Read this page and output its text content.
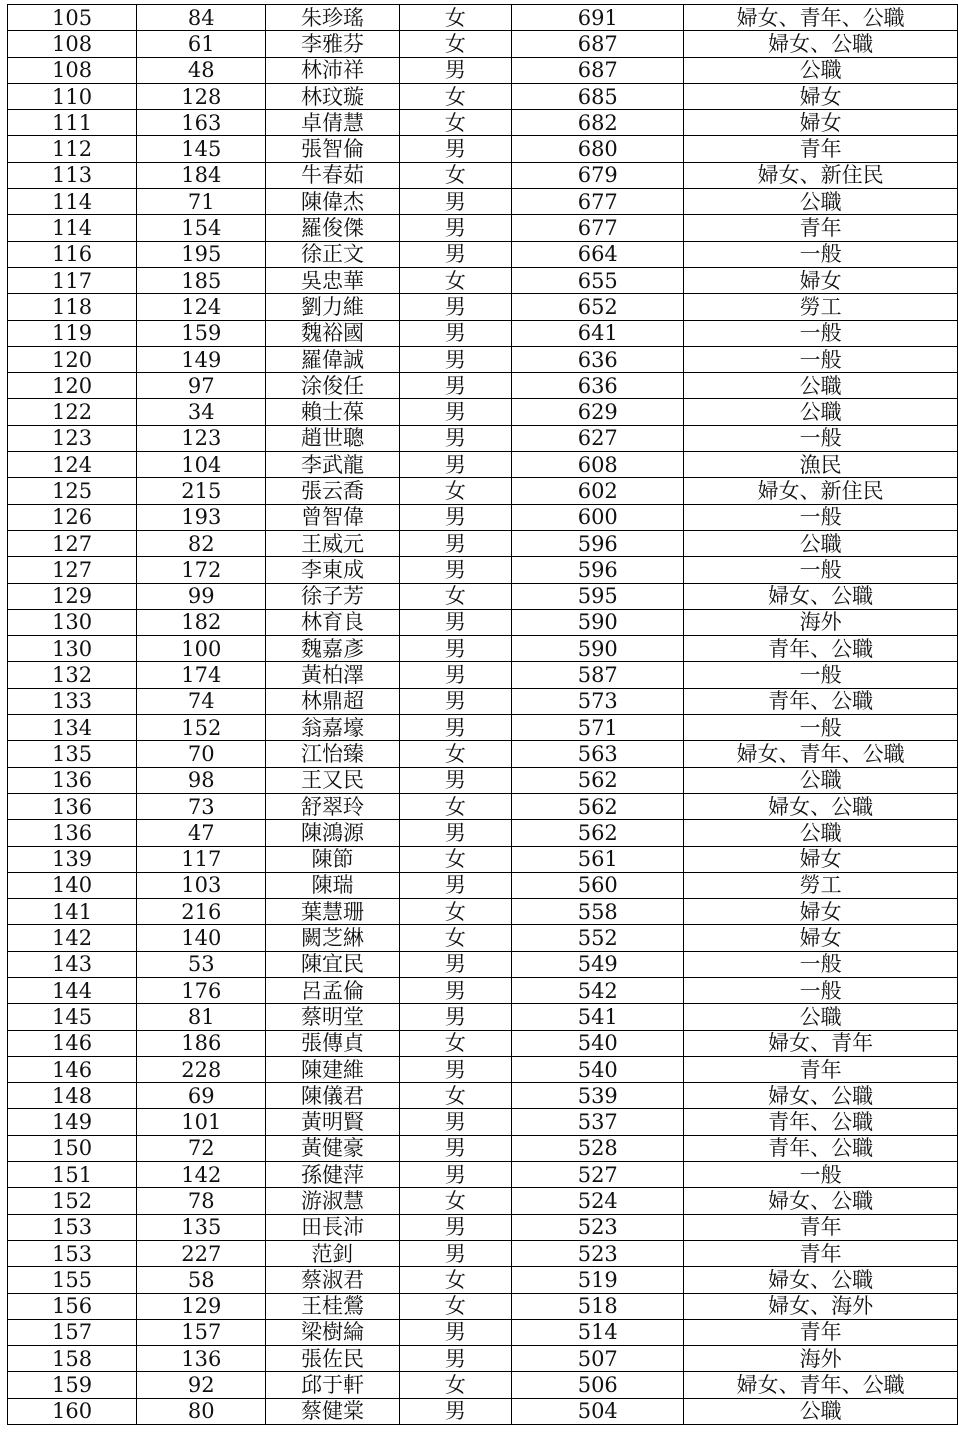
105	84	朱珍瑤	女	691	婦女、青年、公職
108	61	李雅芬	女	687	婦女、公職
108	48	林沛祥	男	687	公職
110	128	林玟璇	女	685	婦女
111	163	卓倩慧	女	682	婦女
112	145	張智倫	男	680	青年
113	184	牛春茹	女	679	婦女、新住民
114	71	陳偉杰	男	677	公職
114	154	羅俊傑	男	677	青年
116	195	徐正文	男	664	一般
117	185	吳忠華	女	655	婦女
118	124	劉力維	男	652	勞工
119	159	魏裕國	男	641	一般
120	149	羅偉誠	男	636	一般
120	97	涂俊任	男	636	公職
122	34	賴士葆	男	629	公職
123	123	趙世聰	男	627	一般
124	104	李武龍	男	608	漁民
125	215	張云喬	女	602	婦女、新住民
126	193	曾智偉	男	600	一般
127	82	王威元	男	596	公職
127	172	李東成	男	596	一般
129	99	徐子芳	女	595	婦女、公職
130	182	林育良	男	590	海外
130	100	魏嘉彥	男	590	青年、公職
132	174	黃柏澤	男	587	一般
133	74	林鼎超	男	573	青年、公職
134	152	翁嘉壕	男	571	一般
135	70	江怡臻	女	563	婦女、青年、公職
136	98	王又民	男	562	公職
136	73	舒翠玲	女	562	婦女、公職
136	47	陳鴻源	男	562	公職
139	117	陳節	女	561	婦女
140	103	陳瑞	男	560	勞工
141	216	葉慧珊	女	558	婦女
142	140	闕芝綝	女	552	婦女
143	53	陳宜民	男	549	一般
144	176	呂孟倫	男	542	一般
145	81	蔡明堂	男	541	公職
146	186	張傳貞	女	540	婦女、青年
146	228	陳建維	男	540	青年
148	69	陳儀君	女	539	婦女、公職
149	101	黃明賢	男	537	青年、公職
150	72	黃健豪	男	528	青年、公職
151	142	孫健萍	男	527	一般
152	78	游淑慧	女	524	婦女、公職
153	135	田長沛	男	523	青年
153	227	范釗	男	523	青年
155	58	蔡淑君	女	519	婦女、公職
156	129	王桂鶯	女	518	婦女、海外
157	157	梁樹綸	男	514	青年
158	136	張佐民	男	507	海外
159	92	邱于軒	女	506	婦女、青年、公職
160	80	蔡健棠	男	504	公職
